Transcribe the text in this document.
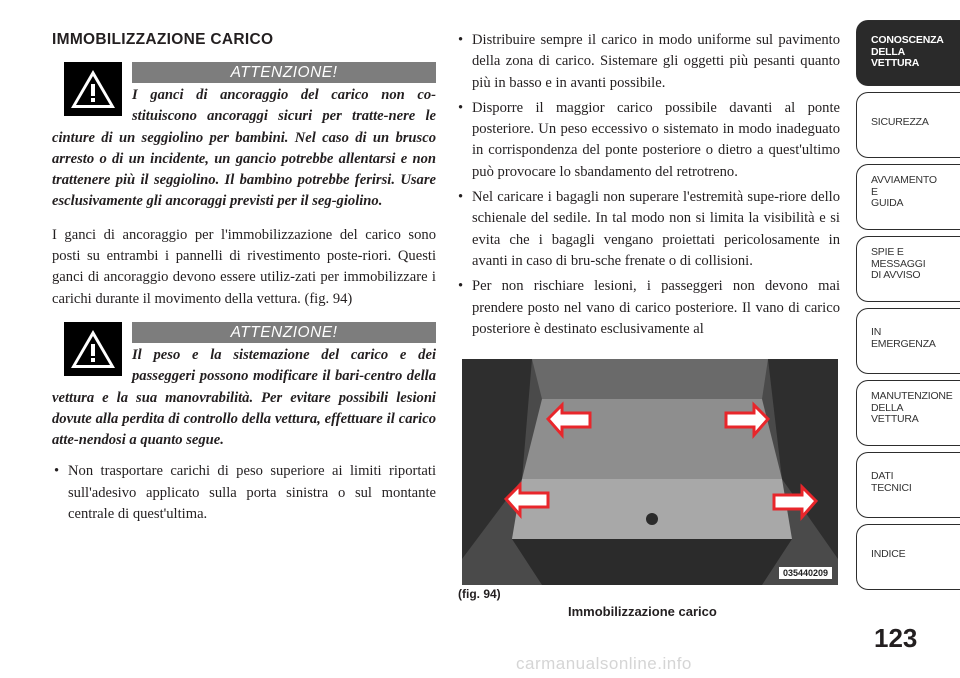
IMMOBILIZZAZIONE CARICO
ATTENZIONE!
I ganci di ancoraggio del carico non co-stituiscono ancoraggi sicuri per tratte-nere le cinture di un seggiolino per bambini. Nel caso di un brusco arresto o di un incidente, un gancio potrebbe allentarsi e non trattenere più il seggiolino. Il bambino potrebbe ferirsi. Usare esclusivamente gli ancoraggi previsti per il seg-giolino.

I ganci di ancoraggio per l'immobilizzazione del carico sono posti su entrambi i pannelli di rivestimento poste-riori. Questi ganci di ancoraggio devono essere utiliz-zati per immobilizzare i carichi durante il movimento della vettura. (fig. 94)

ATTENZIONE!
Il peso e la sistemazione del carico e dei passeggeri possono modificare il bari-centro della vettura e la sua manovrabilità. Per evitare possibili lesioni dovute alla perdita di controllo della vettura, effettuare il carico atte-nendosi a quanto segue.
• Non trasportare carichi di peso superiore ai limiti riportati sull'adesivo applicato sulla porta sinistra o sul montante centrale di quest'ultima.
• Distribuire sempre il carico in modo uniforme sul pavimento della zona di carico. Sistemare gli oggetti più pesanti quanto più in basso e in avanti possibile.
• Disporre il maggior carico possibile davanti al ponte posteriore. Un peso eccessivo o sistemato in modo inadeguato in corrispondenza del ponte posteriore o dietro a quest'ultimo può provocare lo sbandamento del retrotreno.
• Nel caricare i bagagli non superare l'estremità supe-riore dello schienale del sedile. In tal modo non si limita la visibilità e si evita che i bagagli vengano proiettati pericolosamente in avanti in caso di bru-sche frenate o di collisioni.
• Per non rischiare lesioni, i passeggeri non devono mai prendere posto nel vano di carico posteriore. Il vano di carico posteriore è destinato esclusivamente al
035440209
(fig. 94)
Immobilizzazione carico
CONOSCENZA
DELLA
VETTURA
SICUREZZA
AVVIAMENTO
E
GUIDA
SPIE E
MESSAGGI
DI AVVISO
IN
EMERGENZA
MANUTENZIONE
DELLA
VETTURA
DATI
TECNICI
INDICE
123
carmanualsonline.info
